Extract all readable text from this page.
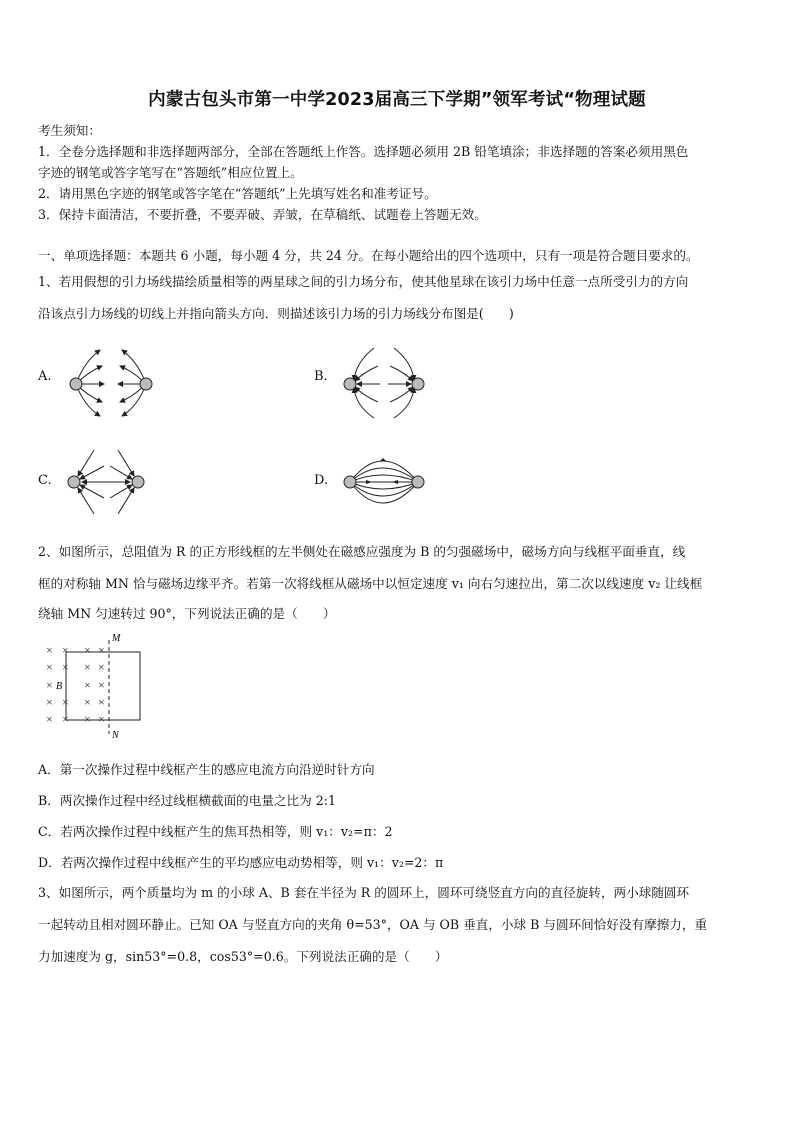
内蒙古包头市第一中学2023届高三下学期”领军考试“物理试题
考生须知：
1．全卷分选择题和非选择题两部分，全部在答题纸上作答。选择题必须用 2B 铅笔填涂；非选择题的答案必须用黑色
字迹的钢笔或答字笔写在“答题纸”相应位置上。
2．请用黑色字迹的钢笔或答字笔在“答题纸”上先填写姓名和准考证号。
3．保持卡面清洁，不要折叠，不要弄破、弄皱，在草稿纸、试题卷上答题无效。
一、单项选择题：本题共 6 小题，每小题 4 分，共 24 分。在每小题给出的四个选项中，只有一项是符合题目要求的。
1、若用假想的引力场线描绘质量相等的两星球之间的引力场分布，使其他星球在该引力场中任意一点所受引力的方向
沿该点引力场线的切线上并指向箭头方向．则描述该引力场的引力场线分布图是(　　)
A.	B.
C.	D.
2、如图所示，总阻值为 R 的正方形线框的左半侧处在磁感应强度为 B 的匀强磁场中，磁场方向与线框平面垂直，线
框的对称轴 MN 恰与磁场边缘平齐。若第一次将线框从磁场中以恒定速度 v₁ 向右匀速拉出，第二次以线速度 v₂ 让线框
绕轴 MN 匀速转过 90°，下列说法正确的是（　　）
× × × ×
× × × ×
×	× ×
× × × ×
× × × ×
B
M
N
A．第一次操作过程中线框产生的感应电流方向沿逆时针方向
B．两次操作过程中经过线框横截面的电量之比为 2:1
C．若两次操作过程中线框产生的焦耳热相等，则 v₁：v₂=π：2
D．若两次操作过程中线框产生的平均感应电动势相等，则 v₁：v₂=2：π
3、如图所示，两个质量均为 m 的小球 A、B 套在半径为 R 的圆环上，圆环可绕竖直方向的直径旋转，两小球随圆环
一起转动且相对圆环静止。已知 OA 与竖直方向的夹角 θ=53°，OA 与 OB 垂直，小球 B 与圆环间恰好没有摩擦力，重
力加速度为 g，sin53°=0.8，cos53°=0.6。下列说法正确的是（　　）
